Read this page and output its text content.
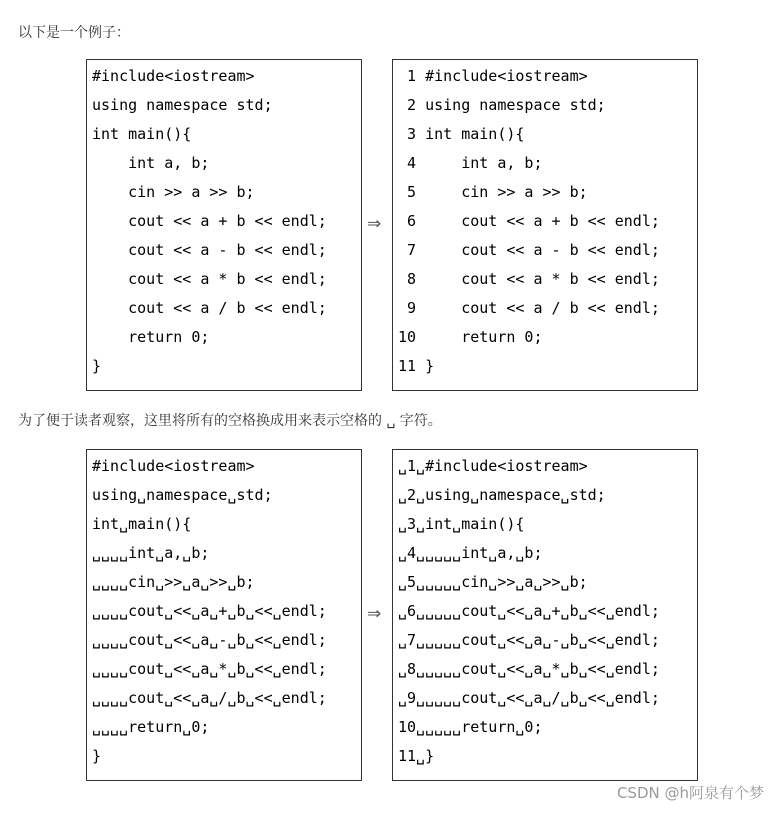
以下是一个例子：

#include<iostream>
using namespace std;
int main(){
int a, b;
cin >> a >> b;
cout << a + b << endl;
cout << a - b << endl;
cout << a * b << endl;
cout << a / b << endl;
return 0;
}
⇒
1 #include<iostream>
2 using namespace std;
3 int main(){
4     int a, b;
5     cin >> a >> b;
6     cout << a + b << endl;
7     cout << a - b << endl;
8     cout << a * b << endl;
9     cout << a / b << endl;
10     return 0;
11 }

为了便于读者观察，这里将所有的空格换成用来表示空格的 ␣ 字符。

#include<iostream>
using␣namespace␣std;
int␣main(){
␣␣␣␣int␣a,␣b;
␣␣␣␣cin␣>>␣a␣>>␣b;
␣␣␣␣cout␣<<␣a␣+␣b␣<<␣endl;
␣␣␣␣cout␣<<␣a␣-␣b␣<<␣endl;
␣␣␣␣cout␣<<␣a␣*␣b␣<<␣endl;
␣␣␣␣cout␣<<␣a␣/␣b␣<<␣endl;
␣␣␣␣return␣0;
}
⇒
␣1␣#include<iostream>
␣2␣using␣namespace␣std;
␣3␣int␣main(){
␣4␣␣␣␣␣int␣a,␣b;
␣5␣␣␣␣␣cin␣>>␣a␣>>␣b;
␣6␣␣␣␣␣cout␣<<␣a␣+␣b␣<<␣endl;
␣7␣␣␣␣␣cout␣<<␣a␣-␣b␣<<␣endl;
␣8␣␣␣␣␣cout␣<<␣a␣*␣b␣<<␣endl;
␣9␣␣␣␣␣cout␣<<␣a␣/␣b␣<<␣endl;
10␣␣␣␣␣return␣0;
11␣}
CSDN @h阿泉有个梦
